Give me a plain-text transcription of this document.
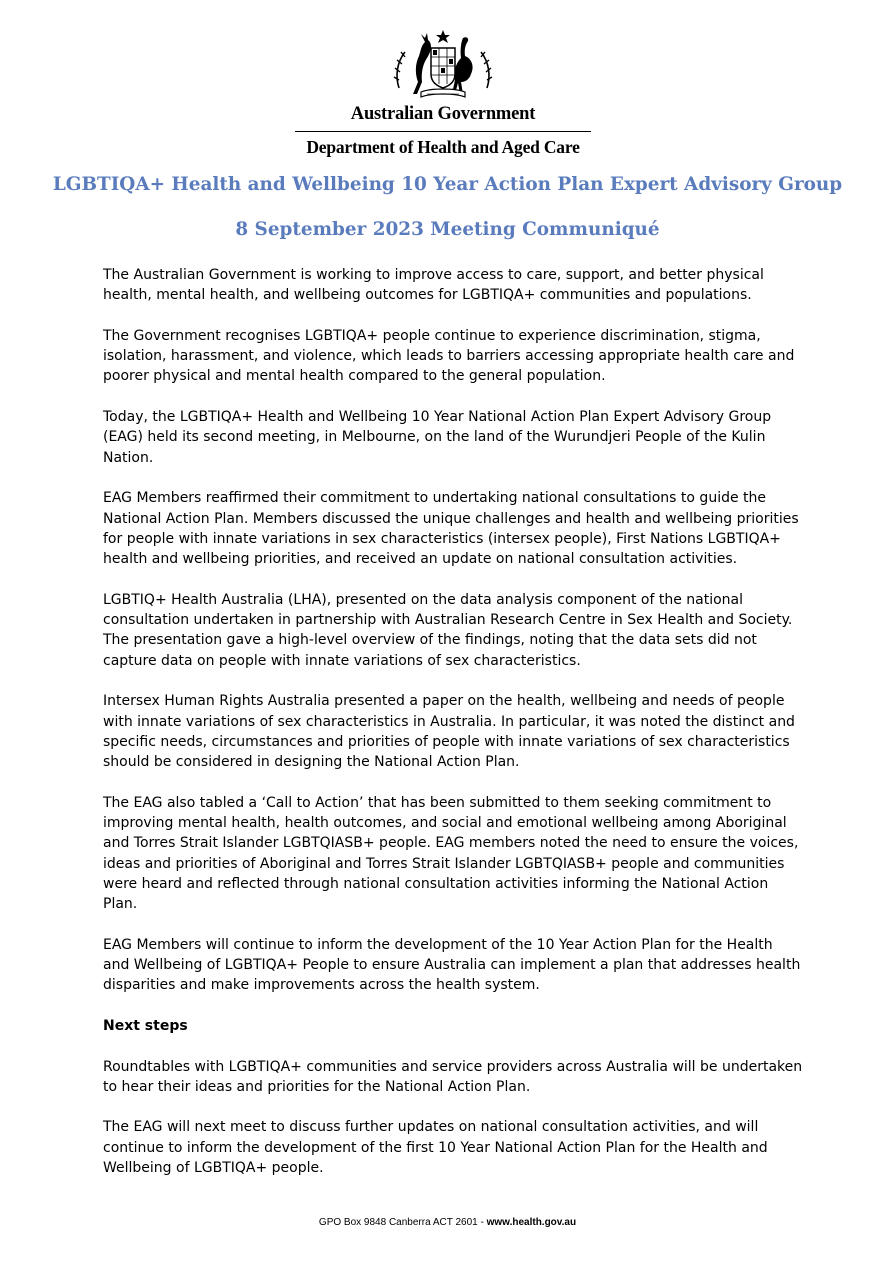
Australian Government
Department of Health and Aged Care
LGBTIQA+ Health and Wellbeing 10 Year Action Plan Expert Advisory Group
8 September 2023 Meeting Communiqué

The Australian Government is working to improve access to care, support, and better physical health, mental health, and wellbeing outcomes for LGBTIQA+ communities and populations.

The Government recognises LGBTIQA+ people continue to experience discrimination, stigma, isolation, harassment, and violence, which leads to barriers accessing appropriate health care and poorer physical and mental health compared to the general population.

Today, the LGBTIQA+ Health and Wellbeing 10 Year National Action Plan Expert Advisory Group (EAG) held its second meeting, in Melbourne, on the land of the Wurundjeri People of the Kulin Nation.

EAG Members reaffirmed their commitment to undertaking national consultations to guide the National Action Plan. Members discussed the unique challenges and health and wellbeing priorities for people with innate variations in sex characteristics (intersex people), First Nations LGBTIQA+ health and wellbeing priorities, and received an update on national consultation activities.

LGBTIQ+ Health Australia (LHA), presented on the data analysis component of the national consultation undertaken in partnership with Australian Research Centre in Sex Health and Society. The presentation gave a high-level overview of the findings, noting that the data sets did not capture data on people with innate variations of sex characteristics.

Intersex Human Rights Australia presented a paper on the health, wellbeing and needs of people with innate variations of sex characteristics in Australia. In particular, it was noted the distinct and specific needs, circumstances and priorities of people with innate variations of sex characteristics should be considered in designing the National Action Plan.

The EAG also tabled a ‘Call to Action’ that has been submitted to them seeking commitment to improving mental health, health outcomes, and social and emotional wellbeing among Aboriginal and Torres Strait Islander LGBTQIASB+ people. EAG members noted the need to ensure the voices, ideas and priorities of Aboriginal and Torres Strait Islander LGBTQIASB+ people and communities were heard and reflected through national consultation activities informing the National Action Plan.

EAG Members will continue to inform the development of the 10 Year Action Plan for the Health and Wellbeing of LGBTIQA+ People to ensure Australia can implement a plan that addresses health disparities and make improvements across the health system.

Next steps

Roundtables with LGBTIQA+ communities and service providers across Australia will be undertaken to hear their ideas and priorities for the National Action Plan.

The EAG will next meet to discuss further updates on national consultation activities, and will continue to inform the development of the first 10 Year National Action Plan for the Health and Wellbeing of LGBTIQA+ people.

GPO Box 9848 Canberra ACT 2601 - www.health.gov.au
